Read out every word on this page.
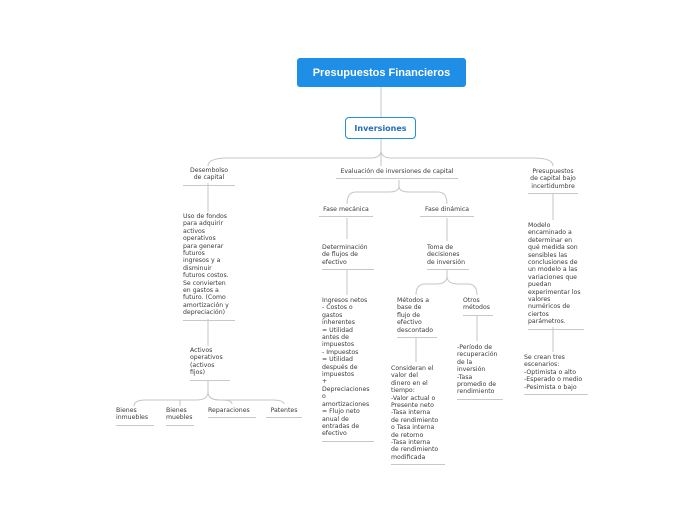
Presupuestos Financieros
Inversiones
Desembolso
de capital
Uso de fondos
para adquirir
activos
operativos
para generar
futuros
ingresos y a
disminuir
futuros costos.
Se convierten
en gastos a
futuro. (Como
amortización y
depreciación)
Activos
operativos
(activos
fijos)
Bienes
inmuebles
Bienes
muebles
Reparaciones	Patentes
Evaluación de inversiones de capital
Fase mecánica
Determinación
de flujos de
efectivo
Ingresos netos
- Costos o
gastos
inherentes
= Utilidad
antes de
impuestos
- Impuestos
= Utilidad
después de
impuestos
+
Depreciaciones
o
amortizaciones
= Flujo neto
anual de
entradas de
efectivo
Fase dinámica
Toma de
decisiones
de inversión
Métodos a
base de
flujo de
efectivo
descontado
Consideran el
valor del
dinero en el
tiempo:
-Valor actual o
Presente neto
-Tasa interna
de rendimiento
o Tasa interna
de retorno
-Tasa interna
de rendimiento
modificada
Otros
métodos
-Período de
recuperación
de la
inversión
-Tasa
promedio de
rendimiento
Presupuestos
de capital bajo
incertidumbre
Modelo
encaminado a
determinar en
qué medida son
sensibles las
conclusiones de
un modelo a las
variaciones que
puedan
experimentar los
valores
numéricos de
ciertos
parámetros.
Se crean tres
escenarios:
-Optimista o alto
-Esperado o medio
-Pesimista o bajo
